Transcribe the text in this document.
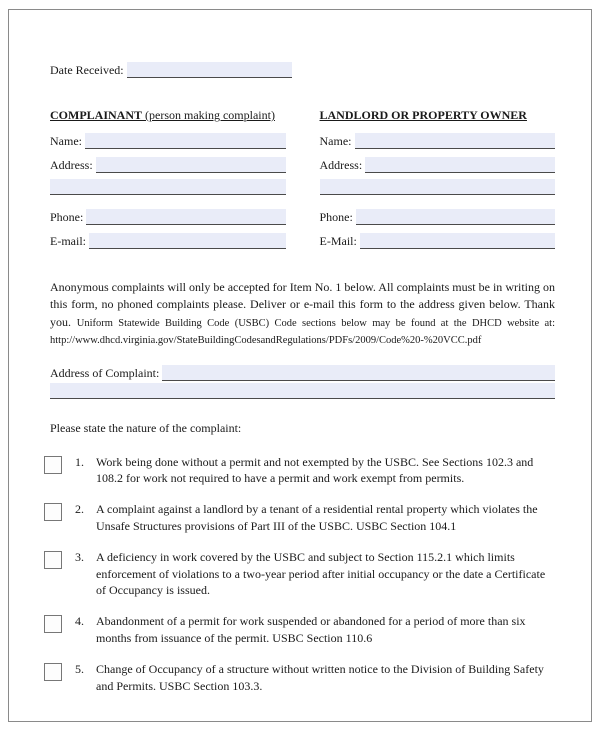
Date Received:
COMPLAINANT (person making complaint)
Name:
Address:
Phone:
E-mail:
LANDLORD OR PROPERTY OWNER
Name:
Address:
Phone:
E-Mail:

Anonymous complaints will only be accepted for Item No. 1 below. All complaints must be in writing on this form, no phoned complaints please. Deliver or e-mail this form to the address given below. Thank you. Uniform Statewide Building Code (USBC) Code sections below may be found at the DHCD website at: http://www.dhcd.virginia.gov/StateBuildingCodesandRegulations/PDFs/2009/Code%20-%20VCC.pdf

Address of Complaint:
Please state the nature of the complaint:
1.	Work being done without a permit and not exempted by the USBC. See Sections 102.3 and 108.2 for work not required to have a permit and work exempt from permits.
2.	A complaint against a landlord by a tenant of a residential rental property which violates the Unsafe Structures provisions of Part III of the USBC. USBC Section 104.1
3.	A deficiency in work covered by the USBC and subject to Section 115.2.1 which limits enforcement of violations to a two-year period after initial occupancy or the date a Certificate of Occupancy is issued.
4.	Abandonment of a permit for work suspended or abandoned for a period of more than six months from issuance of the permit. USBC Section 110.6
5.	Change of Occupancy of a structure without written notice to the Division of Building Safety and Permits. USBC Section 103.3.
